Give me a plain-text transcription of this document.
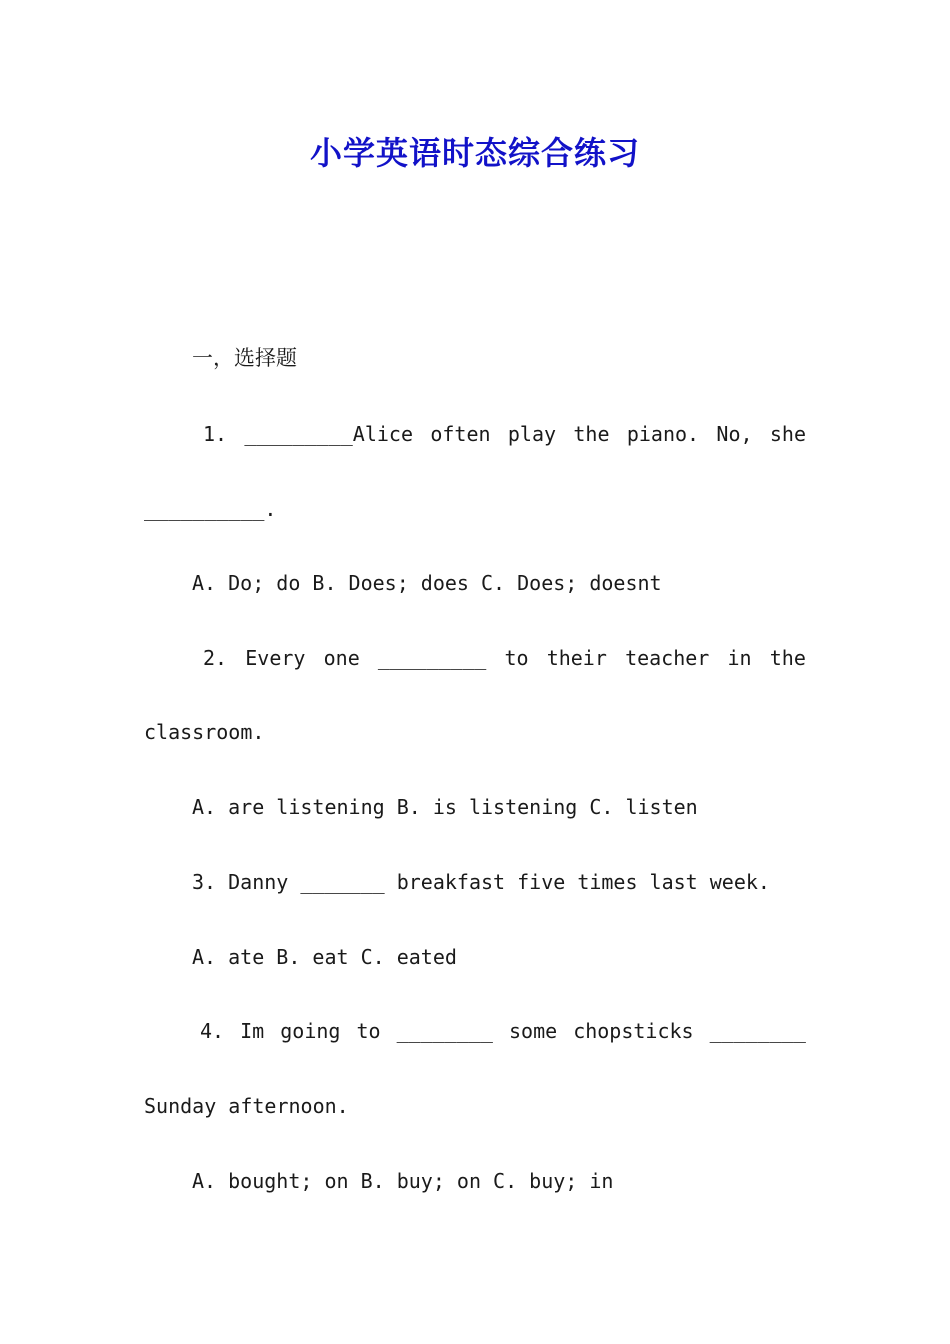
小学英语时态综合练习
一，选择题
1. _________Alice often play the piano. No, she
__________.
A. Do; do B. Does; does C. Does; doesnt
2. Every one _________ to their teacher in the
classroom.
A. are listening B. is listening C. listen
3. Danny _______ breakfast five times last week.
A. ate B. eat C. eated
4. Im going to ________ some chopsticks ________
Sunday afternoon.
A. bought; on B. buy; on C. buy; in
